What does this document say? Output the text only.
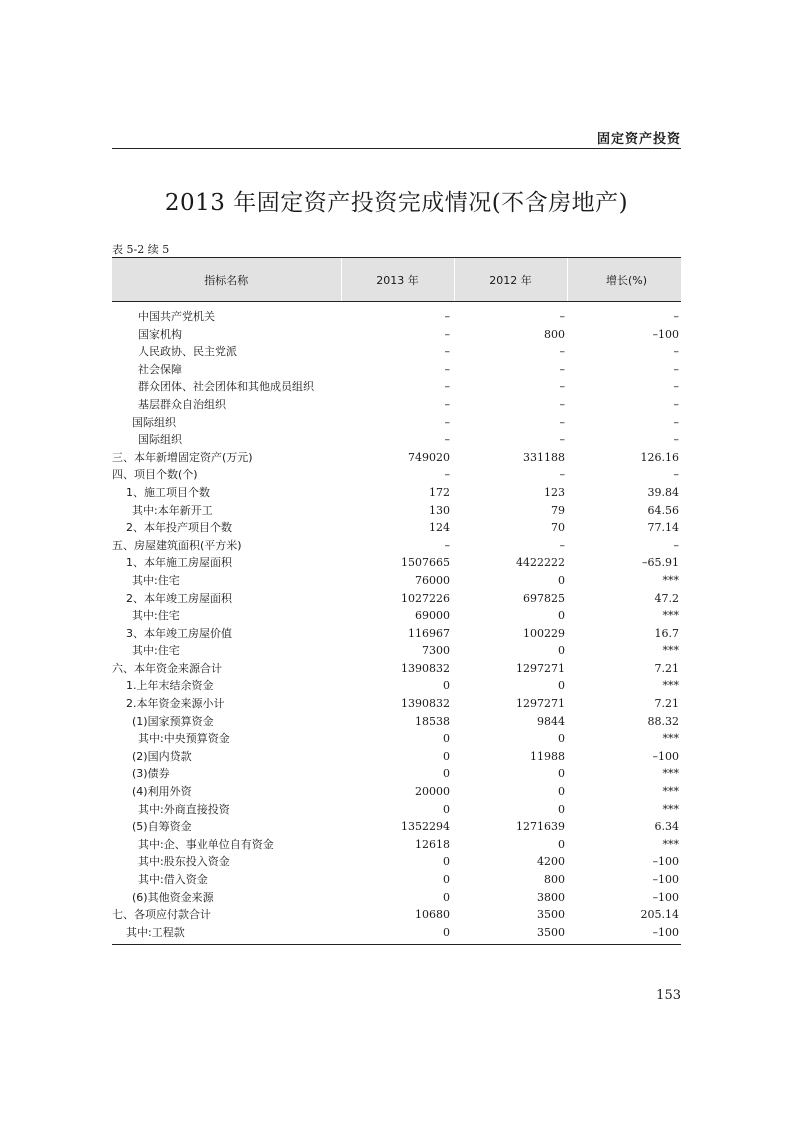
固定资产投资
2013 年固定资产投资完成情况(不含房地产)
表 5-2 续 5
指标名称	2013 年	2012 年	增长(%)
中国共产党机关	–	–	–
国家机构	–	800	–100
人民政协、民主党派	–	–	–
社会保障	–	–	–
群众团体、社会团体和其他成员组织	–	–	–
基层群众自治组织	–	–	–
国际组织	–	–	–
国际组织	–	–	–
三、本年新增固定资产(万元)	749020	331188	126.16
四、项目个数(个)	–	–	–
1、施工项目个数	172	123	39.84
其中:本年新开工	130	79	64.56
2、本年投产项目个数	124	70	77.14
五、房屋建筑面积(平方米)	–	–	–
1、本年施工房屋面积	1507665	4422222	–65.91
其中:住宅	76000	0	***
2、本年竣工房屋面积	1027226	697825	47.2
其中:住宅	69000	0	***
3、本年竣工房屋价值	116967	100229	16.7
其中:住宅	7300	0	***
六、本年资金来源合计	1390832	1297271	7.21
1.上年末结余资金	0	0	***
2.本年资金来源小计	1390832	1297271	7.21
(1)国家预算资金	18538	9844	88.32
其中:中央预算资金	0	0	***
(2)国内贷款	0	11988	–100
(3)债券	0	0	***
(4)利用外资	20000	0	***
其中:外商直接投资	0	0	***
(5)自筹资金	1352294	1271639	6.34
其中:企、事业单位自有资金	12618	0	***
其中:股东投入资金	0	4200	–100
其中:借入资金	0	800	–100
(6)其他资金来源	0	3800	–100
七、各项应付款合计	10680	3500	205.14
其中:工程款	0	3500	–100
153
